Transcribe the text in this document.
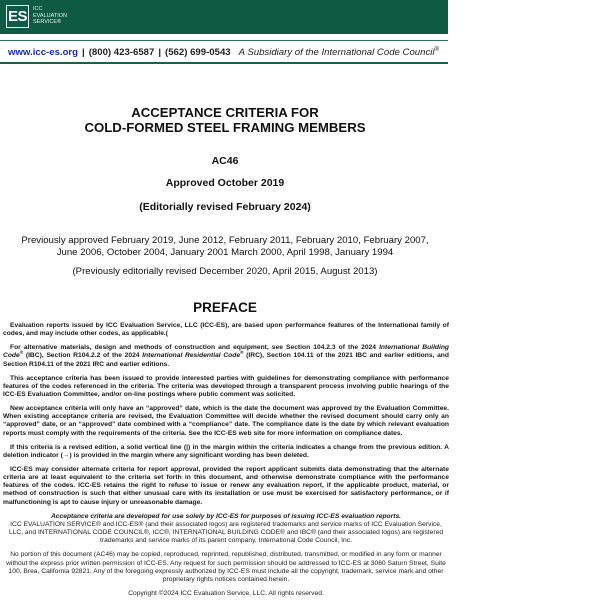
ES ICC
EVALUATION
SERVICE®
www.icc-es.org | (800) 423-6587 | (562) 699-0543 A Subsidiary of the International Code Council®
ACCEPTANCE CRITERIA FOR
COLD-FORMED STEEL FRAMING MEMBERS
AC46
Approved October 2019
(Editorially revised February 2024)
Previously approved February 2019, June 2012, February 2011, February 2010, February 2007,
June 2006, October 2004, January 2001 March 2000, April 1998, January 1994
(Previously editorially revised December 2020, April 2015, August 2013)
PREFACE

Evaluation reports issued by ICC Evaluation Service, LLC (ICC-ES), are based upon performance features of the International family of codes, and may include other codes, as applicable.(

For alternative materials, design and methods of construction and equipment, see Section 104.2.3 of the 2024 International Building Code® (IBC), Section R104.2.2 of the 2024 International Residential Code® (IRC), Section 104.11 of the 2021 IBC and earlier editions, and Section R104.11 of the 2021 IRC and earlier editions.

This acceptance criteria has been issued to provide interested parties with guidelines for demonstrating compliance with performance features of the codes referenced in the criteria. The criteria was developed through a transparent process involving public hearings of the ICC-ES Evaluation Committee, and/or on-line postings where public comment was solicited.

New acceptance criteria will only have an “approved” date, which is the date the document was approved by the Evaluation Committee. When existing acceptance criteria are revised, the Evaluation Committee will decide whether the revised document should carry only an “approved” date, or an “approved” date combined with a “compliance” date. The compliance date is the date by which relevant evaluation reports must comply with the requirements of the criteria. See the ICC-ES web site for more information on compliance dates.

If this criteria is a revised edition, a solid vertical line (|) in the margin within the criteria indicates a change from the previous edition. A deletion indicator (→) is provided in the margin where any significant wording has been deleted.

ICC-ES may consider alternate criteria for report approval, provided the report applicant submits data demonstrating that the alternate criteria are at least equivalent to the criteria set forth in this document, and otherwise demonstrate compliance with the performance features of the codes. ICC-ES retains the right to refuse to issue or renew any evaluation report, if the applicable product, material, or method of construction is such that either unusual care with its installation or use must be exercised for satisfactory performance, or if malfunctioning is apt to cause injury or unreasonable damage.

Acceptance criteria are developed for use solely by ICC-ES for purposes of issuing ICC-ES evaluation reports.

ICC EVALUATION SERVICE® and ICC-ES® (and their associated logos) are registered trademarks and service marks of ICC Evaluation Service, LLC, and INTERNATIONAL CODE COUNCIL®, ICC®, INTERNATIONAL BUILDING CODE® and IBC® (and their associated logos) are registered trademarks and service marks of its parent company, International Code Council, Inc.

No portion of this document (AC46) may be copied, reproduced, reprinted, republished, distributed, transmitted, or modified in any form or manner without the express prior written permission of ICC-ES. Any request for such permission should be addressed to ICC-ES at 3060 Saturn Street, Suite 100, Brea, California 92821. Any of the foregoing expressly authorized by ICC-ES must include all the copyright, trademark, service mark and other proprietary rights notices contained herein.

Copyright ©2024 ICC Evaluation Service, LLC. All rights reserved.
